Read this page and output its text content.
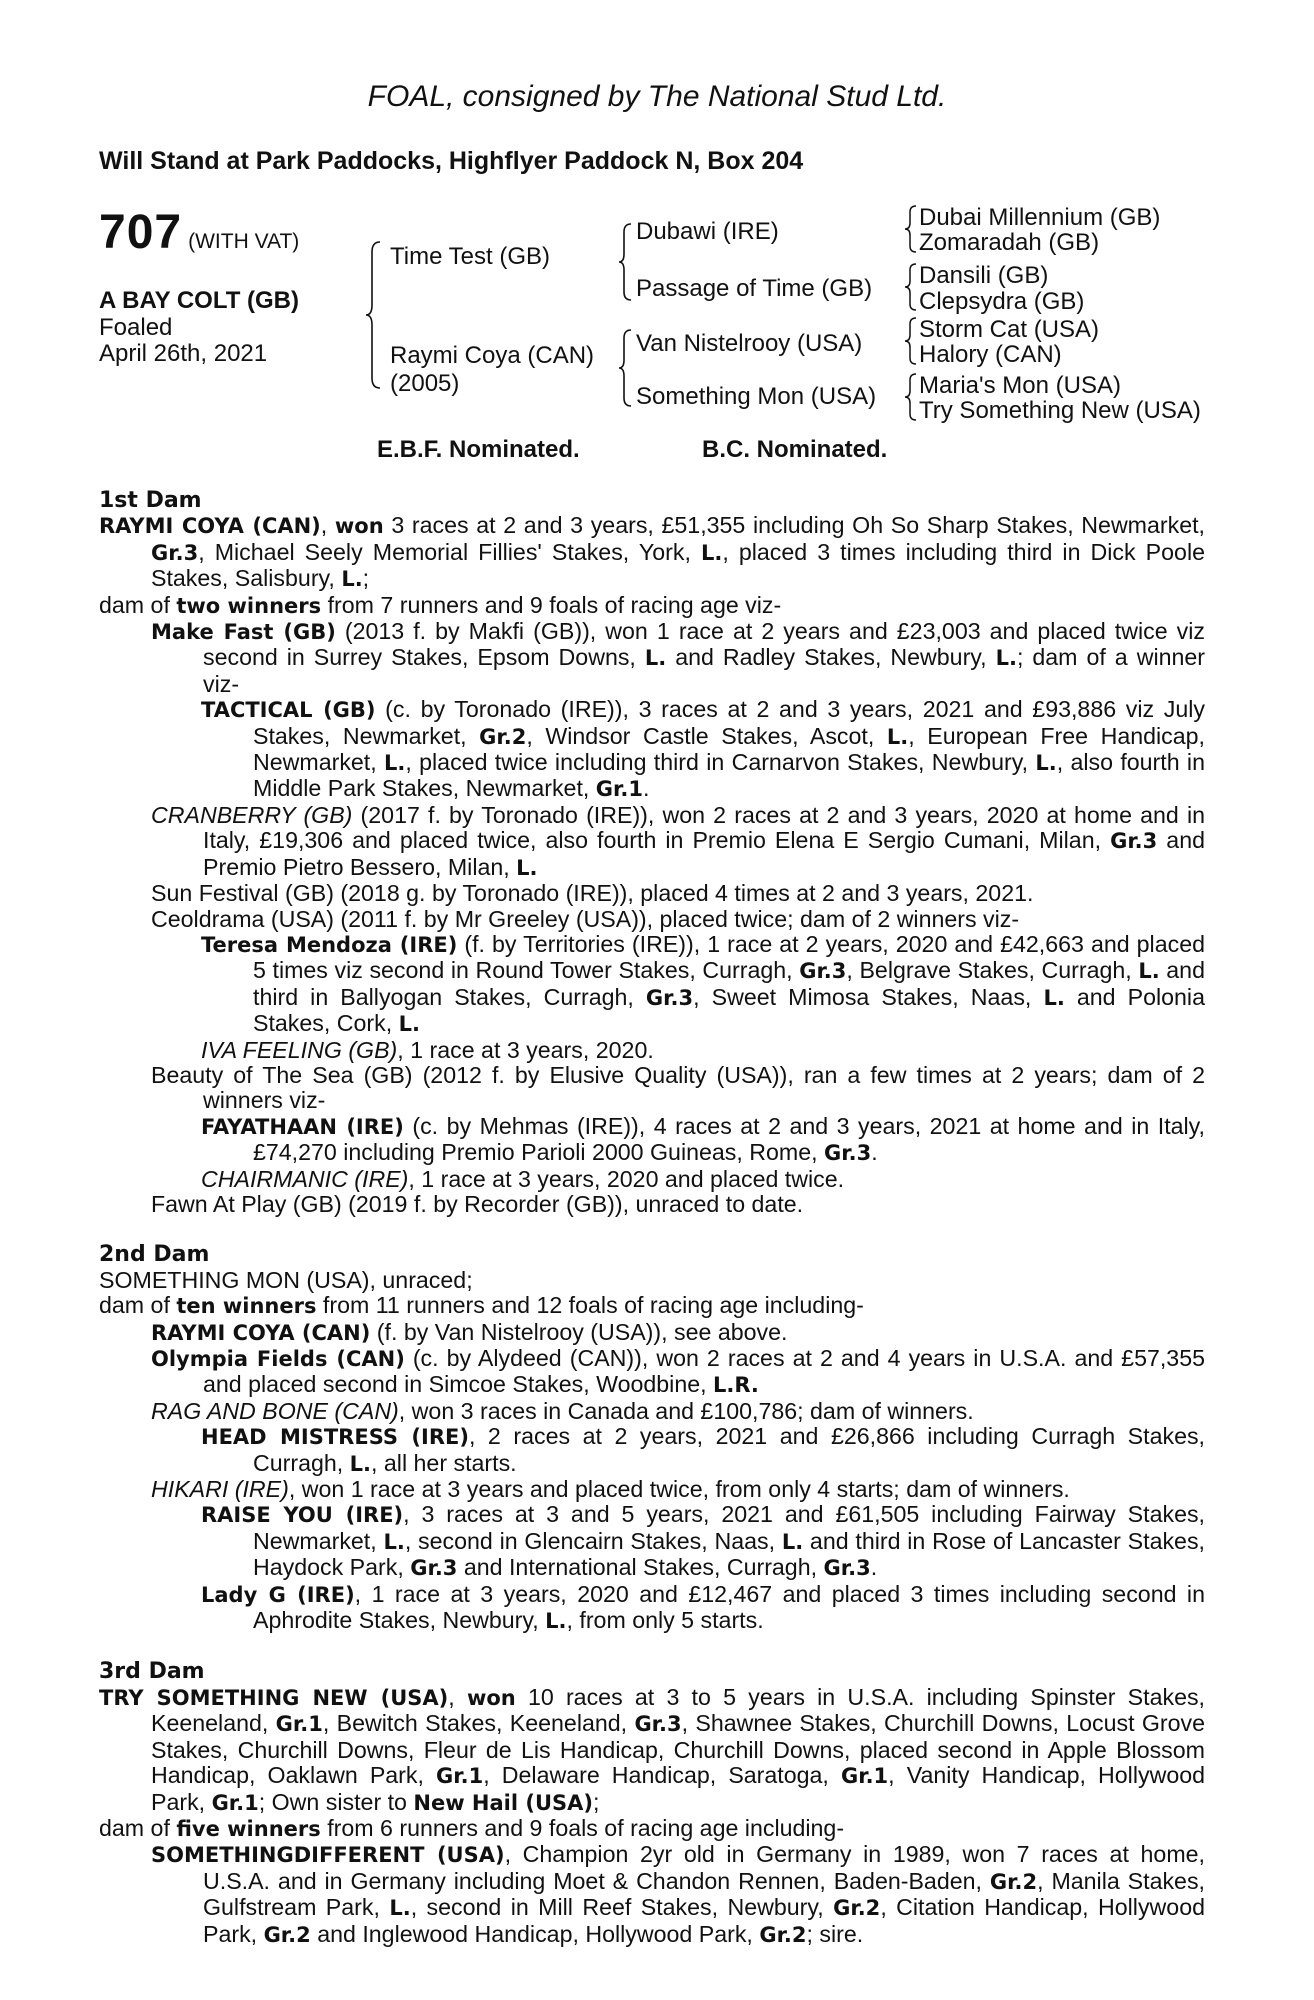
FOAL, consigned by The National Stud Ltd.
Will Stand at Park Paddocks, Highflyer Paddock N, Box 204
707 (WITH VAT)
A BAY COLT (GB)
Foaled
April 26th, 2021
Time Test (GB)
Raymi Coya (CAN)
(2005)
Dubawi (IRE)
Passage of Time (GB)
Van Nistelrooy (USA)
Something Mon (USA)
Dubai Millennium (GB)
Zomaradah (GB)
Dansili (GB)
Clepsydra (GB)
Storm Cat (USA)
Halory (CAN)
Maria's Mon (USA)
Try Something New (USA)
E.B.F. Nominated.	B.C. Nominated.

1st Dam

RAYMI COYA (CAN), won 3 races at 2 and 3 years, £51,355 including Oh So Sharp Stakes, Newmarket, Gr.3, Michael Seely Memorial Fillies' Stakes, York, L., placed 3 times including third in Dick Poole Stakes, Salisbury, L.;

dam of two winners from 7 runners and 9 foals of racing age viz-

Make Fast (GB) (2013 f. by Makfi (GB)), won 1 race at 2 years and £23,003 and placed twice viz second in Surrey Stakes, Epsom Downs, L. and Radley Stakes, Newbury, L.; dam of a winner viz-

TACTICAL (GB) (c. by Toronado (IRE)), 3 races at 2 and 3 years, 2021 and £93,886 viz July Stakes, Newmarket, Gr.2, Windsor Castle Stakes, Ascot, L., European Free Handicap, Newmarket, L., placed twice including third in Carnarvon Stakes, Newbury, L., also fourth in Middle Park Stakes, Newmarket, Gr.1.

CRANBERRY (GB) (2017 f. by Toronado (IRE)), won 2 races at 2 and 3 years, 2020 at home and in Italy, £19,306 and placed twice, also fourth in Premio Elena E Sergio Cumani, Milan, Gr.3 and Premio Pietro Bessero, Milan, L.

Sun Festival (GB) (2018 g. by Toronado (IRE)), placed 4 times at 2 and 3 years, 2021.

Ceoldrama (USA) (2011 f. by Mr Greeley (USA)), placed twice; dam of 2 winners viz-

Teresa Mendoza (IRE) (f. by Territories (IRE)), 1 race at 2 years, 2020 and £42,663 and placed 5 times viz second in Round Tower Stakes, Curragh, Gr.3, Belgrave Stakes, Curragh, L. and third in Ballyogan Stakes, Curragh, Gr.3, Sweet Mimosa Stakes, Naas, L. and Polonia Stakes, Cork, L.

IVA FEELING (GB), 1 race at 3 years, 2020.

Beauty of The Sea (GB) (2012 f. by Elusive Quality (USA)), ran a few times at 2 years; dam of 2 winners viz-

FAYATHAAN (IRE) (c. by Mehmas (IRE)), 4 races at 2 and 3 years, 2021 at home and in Italy, £74,270 including Premio Parioli 2000 Guineas, Rome, Gr.3.

CHAIRMANIC (IRE), 1 race at 3 years, 2020 and placed twice.

Fawn At Play (GB) (2019 f. by Recorder (GB)), unraced to date.

2nd Dam

SOMETHING MON (USA), unraced;

dam of ten winners from 11 runners and 12 foals of racing age including-

RAYMI COYA (CAN) (f. by Van Nistelrooy (USA)), see above.

Olympia Fields (CAN) (c. by Alydeed (CAN)), won 2 races at 2 and 4 years in U.S.A. and £57,355 and placed second in Simcoe Stakes, Woodbine, L.R.

RAG AND BONE (CAN), won 3 races in Canada and £100,786; dam of winners.

HEAD MISTRESS (IRE), 2 races at 2 years, 2021 and £26,866 including Curragh Stakes, Curragh, L., all her starts.

HIKARI (IRE), won 1 race at 3 years and placed twice, from only 4 starts; dam of winners.

RAISE YOU (IRE), 3 races at 3 and 5 years, 2021 and £61,505 including Fairway Stakes, Newmarket, L., second in Glencairn Stakes, Naas, L. and third in Rose of Lancaster Stakes, Haydock Park, Gr.3 and International Stakes, Curragh, Gr.3.

Lady G (IRE), 1 race at 3 years, 2020 and £12,467 and placed 3 times including second in Aphrodite Stakes, Newbury, L., from only 5 starts.

3rd Dam

TRY SOMETHING NEW (USA), won 10 races at 3 to 5 years in U.S.A. including Spinster Stakes, Keeneland, Gr.1, Bewitch Stakes, Keeneland, Gr.3, Shawnee Stakes, Churchill Downs, Locust Grove Stakes, Churchill Downs, Fleur de Lis Handicap, Churchill Downs, placed second in Apple Blossom Handicap, Oaklawn Park, Gr.1, Delaware Handicap, Saratoga, Gr.1, Vanity Handicap, Hollywood Park, Gr.1; Own sister to New Hail (USA);

dam of five winners from 6 runners and 9 foals of racing age including-

SOMETHINGDIFFERENT (USA), Champion 2yr old in Germany in 1989, won 7 races at home, U.S.A. and in Germany including Moet & Chandon Rennen, Baden-Baden, Gr.2, Manila Stakes, Gulfstream Park, L., second in Mill Reef Stakes, Newbury, Gr.2, Citation Handicap, Hollywood Park, Gr.2 and Inglewood Handicap, Hollywood Park, Gr.2; sire.
